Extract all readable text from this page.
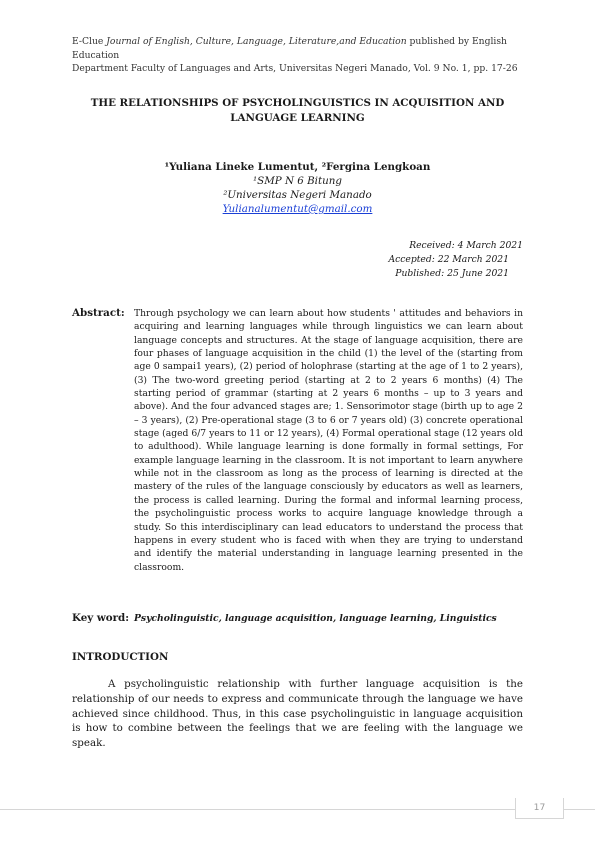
E-Clue Journal of English, Culture, Language, Literature,and Education published by English Education
Department Faculty of Languages and Arts, Universitas Negeri Manado, Vol. 9 No. 1, pp. 17-26
THE RELATIONSHIPS OF PSYCHOLINGUISTICS IN ACQUISITION AND
LANGUAGE LEARNING
¹Yuliana Lineke Lumentut, ²Fergina Lengkoan
¹SMP N 6 Bitung
²Universitas Negeri Manado
Yulianalumentut@gmail.com
Received: 4 March 2021
Accepted: 22 March 2021
Published: 25 June 2021
Abstract: Through psychology we can learn about how students ' attitudes and behaviors in acquiring and learning languages while through linguistics we can learn about language concepts and structures. At the stage of language acquisition, there are four phases of language acquisition in the child (1) the level of the (starting from age 0 sampai1 years), (2) period of holophrase (starting at the age of 1 to 2 years), (3) The two-word greeting period (starting at 2 to 2 years 6 months) (4) The starting period of grammar (starting at 2 years 6 months – up to 3 years and above). And the four advanced stages are; 1. Sensorimotor stage (birth up to age 2 – 3 years), (2) Pre-operational stage (3 to 6 or 7 years old) (3) concrete operational stage (aged 6/7 years to 11 or 12 years), (4) Formal operational stage (12 years old to adulthood). While language learning is done formally in formal settings, For example language learning in the classroom. It is not important to learn anywhere while not in the classroom as long as the process of learning is directed at the mastery of the rules of the language consciously by educators as well as learners, the process is called learning. During the formal and informal learning process, the psycholinguistic process works to acquire language knowledge through a study. So this interdisciplinary can lead educators to understand the process that happens in every student who is faced with when they are trying to understand and identify the material understanding in language learning presented in the classroom.
Key word: Psycholinguistic, language acquisition, language learning, Linguistics
INTRODUCTION
A psycholinguistic relationship with further language acquisition is the relationship of our needs to express and communicate through the language we have achieved since childhood. Thus, in this case psycholinguistic in language acquisition is how to combine between the feelings that we are feeling with the language we speak.
17
